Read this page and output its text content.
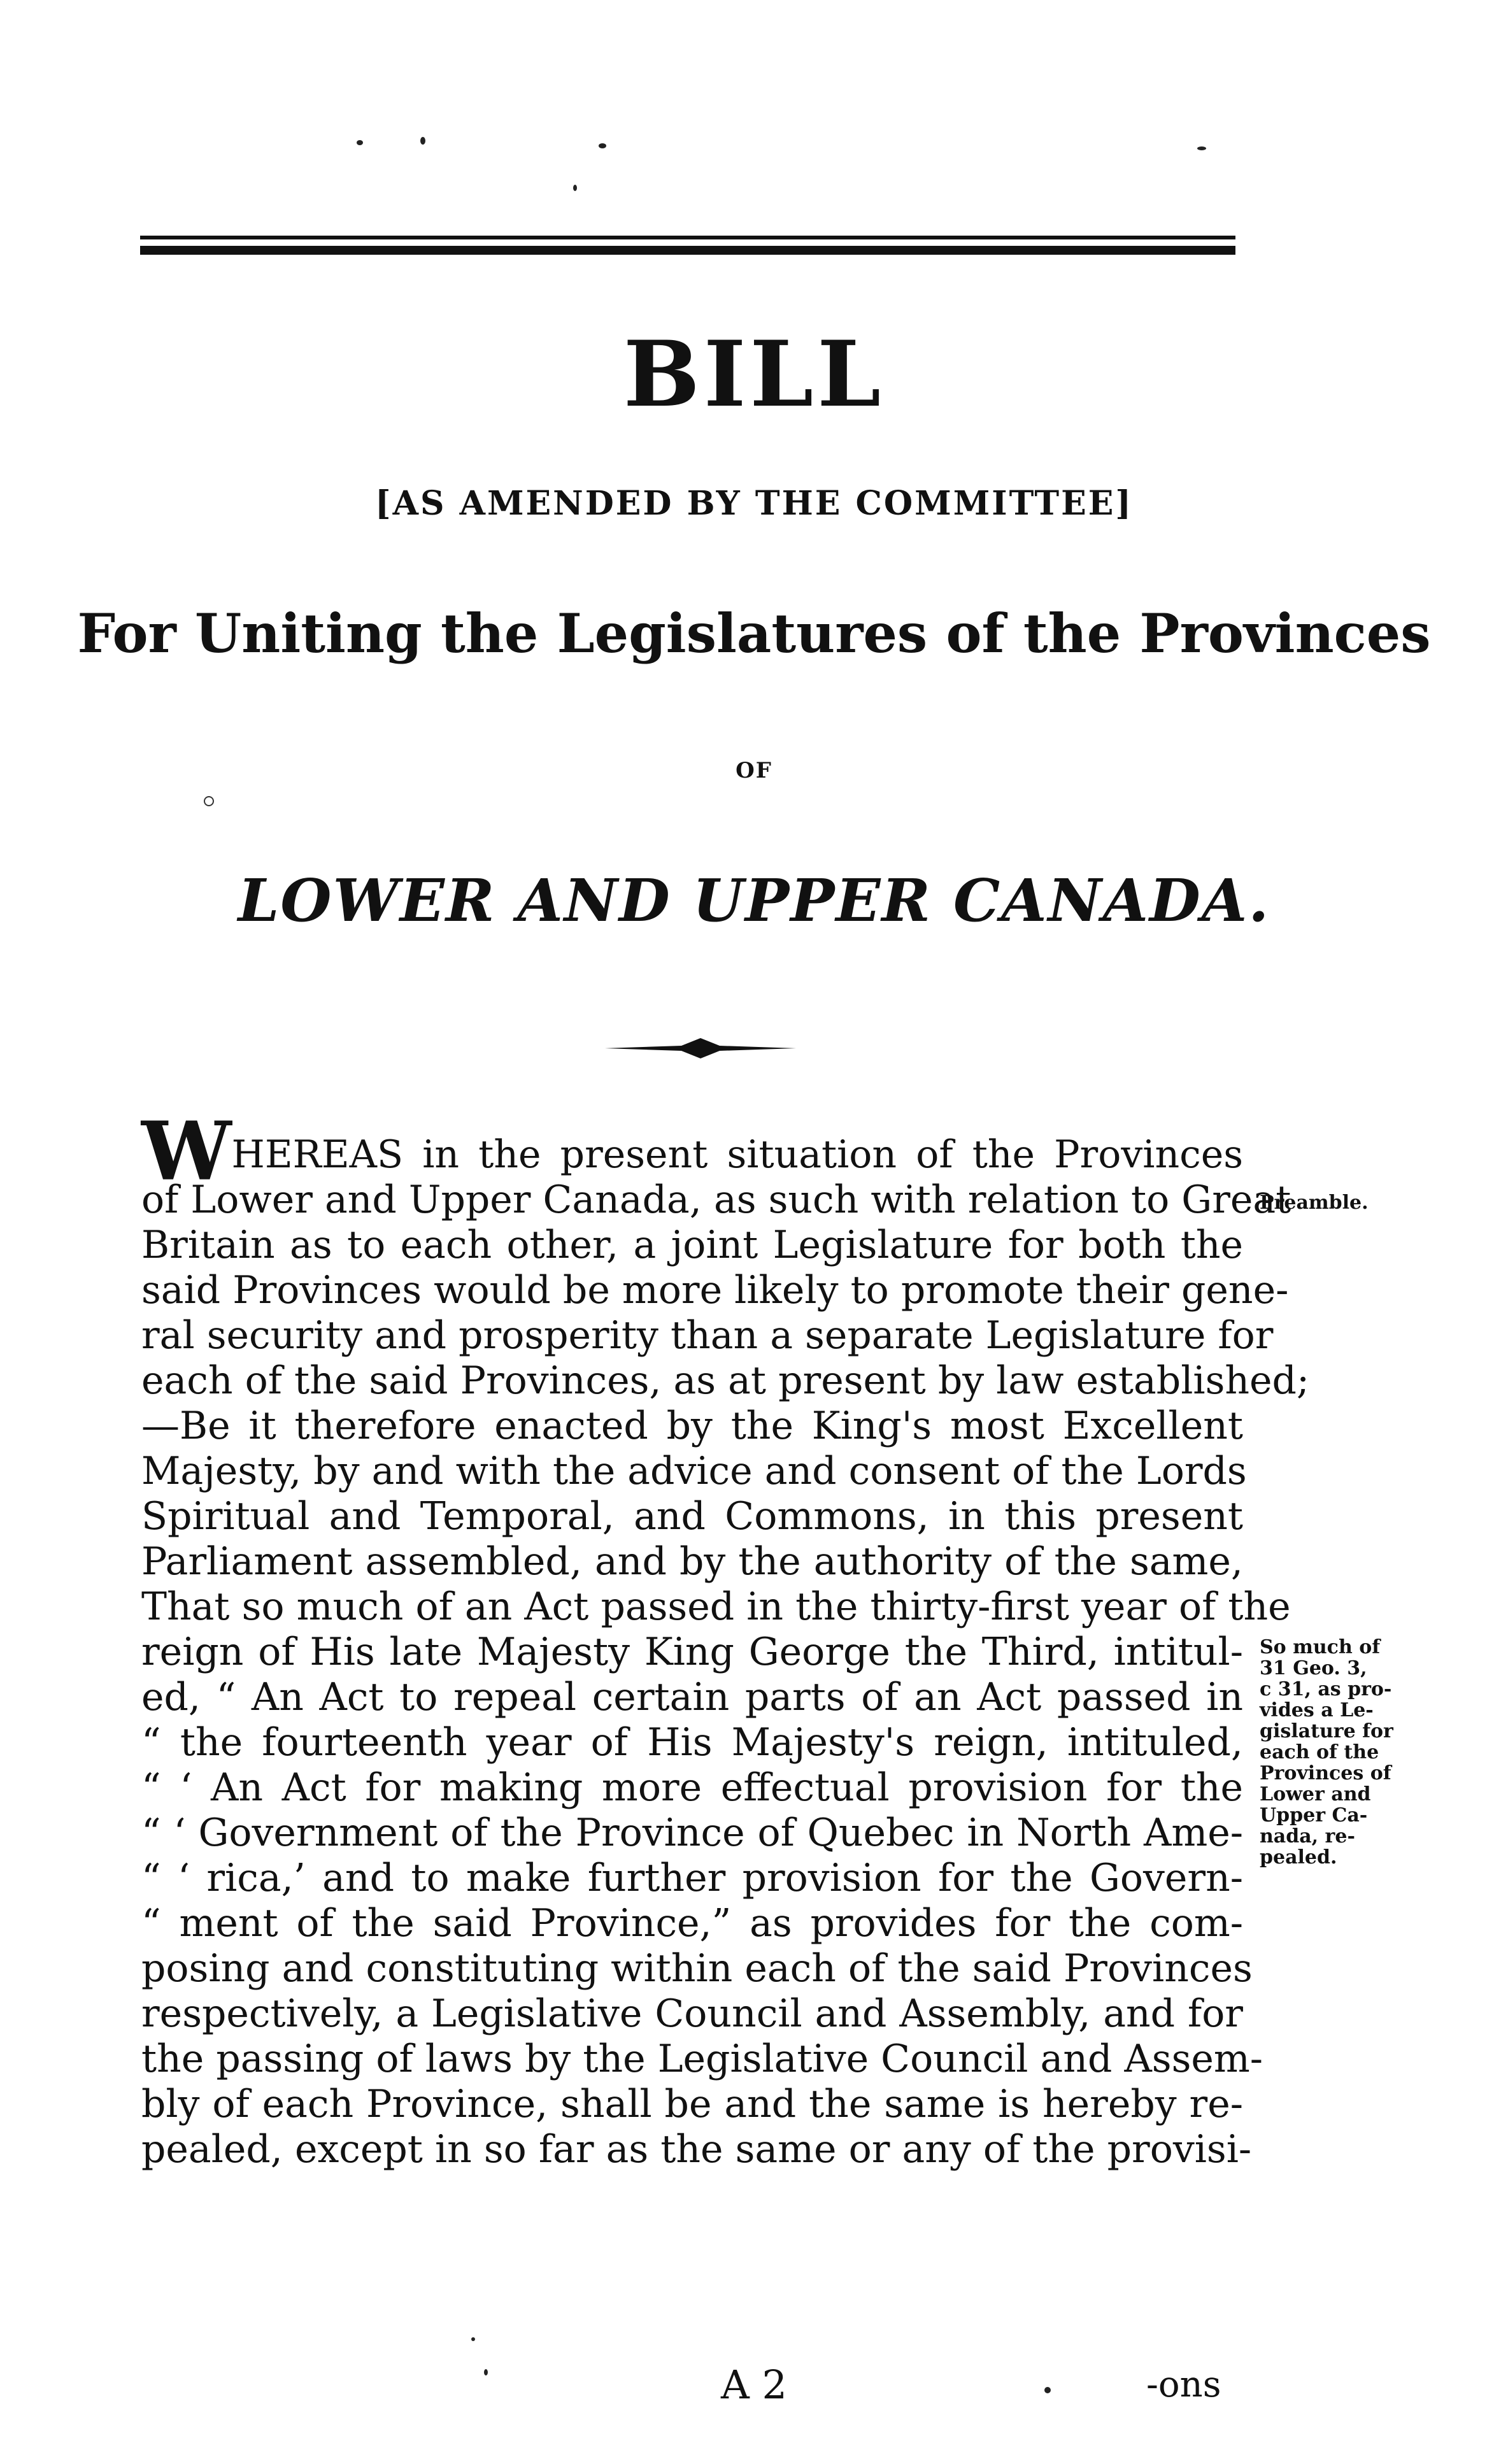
BILL
[AS AMENDED BY THE COMMITTEE]
For Uniting the Legislatures of the Provinces
OF
LOWER AND UPPER CANADA.
WHEREAS in the present situation of the Provinces
of Lower and Upper Canada, as such with relation to Great
Britain as to each other, a joint Legislature for both the
said Provinces would be more likely to promote their gene-
ral security and prosperity than a separate Legislature for
each of the said Provinces, as at present by law established;
—Be it therefore enacted by the King's most Excellent
Majesty, by and with the advice and consent of the Lords
Spiritual and Temporal, and Commons, in this present
Parliament assembled, and by the authority of the same,
That so much of an Act passed in the thirty-first year of the
reign of His late Majesty King George the Third, intitul-
ed, “ An Act to repeal certain parts of an Act passed in
“ the fourteenth year of His Majesty's reign, intituled,
“ ‘ An Act for making more effectual provision for the
“ ‘ Government of the Province of Quebec in North Ame-
“ ‘ rica,’ and to make further provision for the Govern-
“ ment of the said Province,” as provides for the com-
posing and constituting within each of the said Provinces
respectively, a Legislative Council and Assembly, and for
the passing of laws by the Legislative Council and Assem-
bly of each Province, shall be and the same is hereby re-
pealed, except in so far as the same or any of the provisi-
Preamble.
So much of
31 Geo. 3,
c 31, as pro-
vides a Le-
gislature for
each of the
Provinces of
Lower and
Upper Ca-
nada, re-
pealed.
A 2	-ons
